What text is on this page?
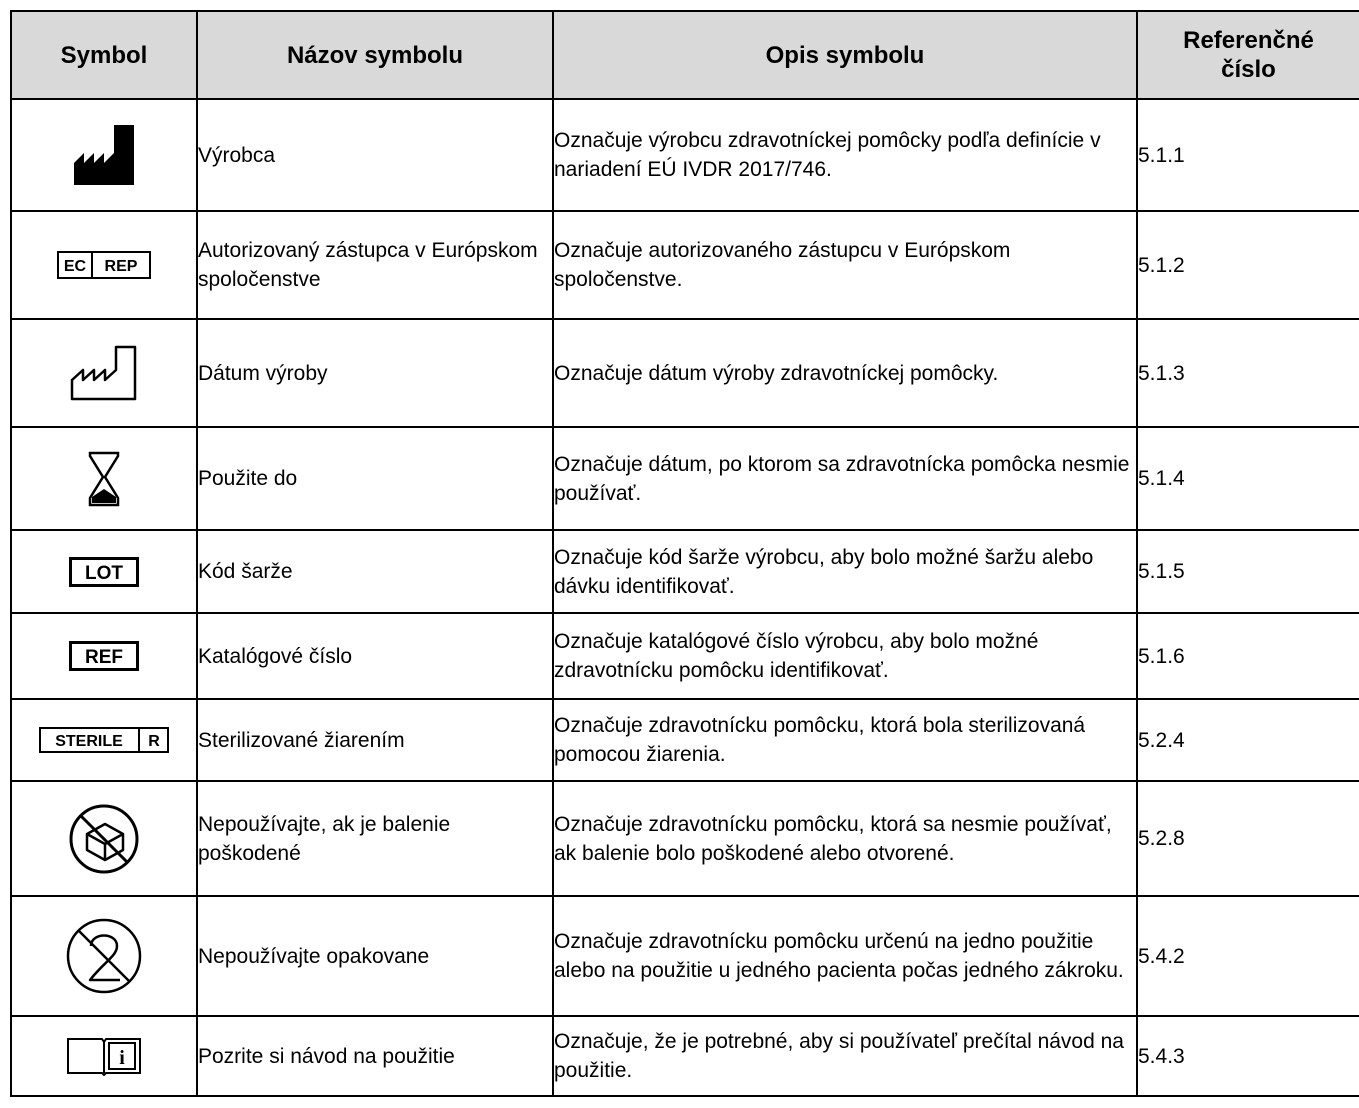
Symbol	Názov symbolu	Opis symbolu	Referenčné
číslo

	Výrobca	Označuje výrobcu zdravotníckej pomôcky podľa definície v nariadení EÚ IVDR 2017/746.	5.1.1

EC REP	Autorizovaný zástupca v Európskom spoločenstve	Označuje autorizovaného zástupcu v Európskom spoločenstve.	5.1.2

	Dátum výroby	Označuje dátum výroby zdravotníckej pomôcky.	5.1.3

	Použite do	Označuje dátum, po ktorom sa zdravotnícka pomôcka nesmie používať.	5.1.4

LOT	Kód šarže	Označuje kód šarže výrobcu, aby bolo možné šaržu alebo dávku identifikovať.	5.1.5

REF	Katalógové číslo	Označuje katalógové číslo výrobcu, aby bolo možné zdravotnícku pomôcku identifikovať.	5.1.6

STERILE R	Sterilizované žiarením	Označuje zdravotnícku pomôcku, ktorá bola sterilizovaná pomocou žiarenia.	5.2.4

	Nepoužívajte, ak je balenie poškodené	Označuje zdravotnícku pomôcku, ktorá sa nesmie používať, ak balenie bolo poškodené alebo otvorené.	5.2.8

	Nepoužívajte opakovane	Označuje zdravotnícku pomôcku určenú na jedno použitie alebo na použitie u jedného pacienta počas jedného zákroku.	5.4.2

i	Pozrite si návod na použitie	Označuje, že je potrebné, aby si používateľ prečítal návod na použitie.	5.4.3
